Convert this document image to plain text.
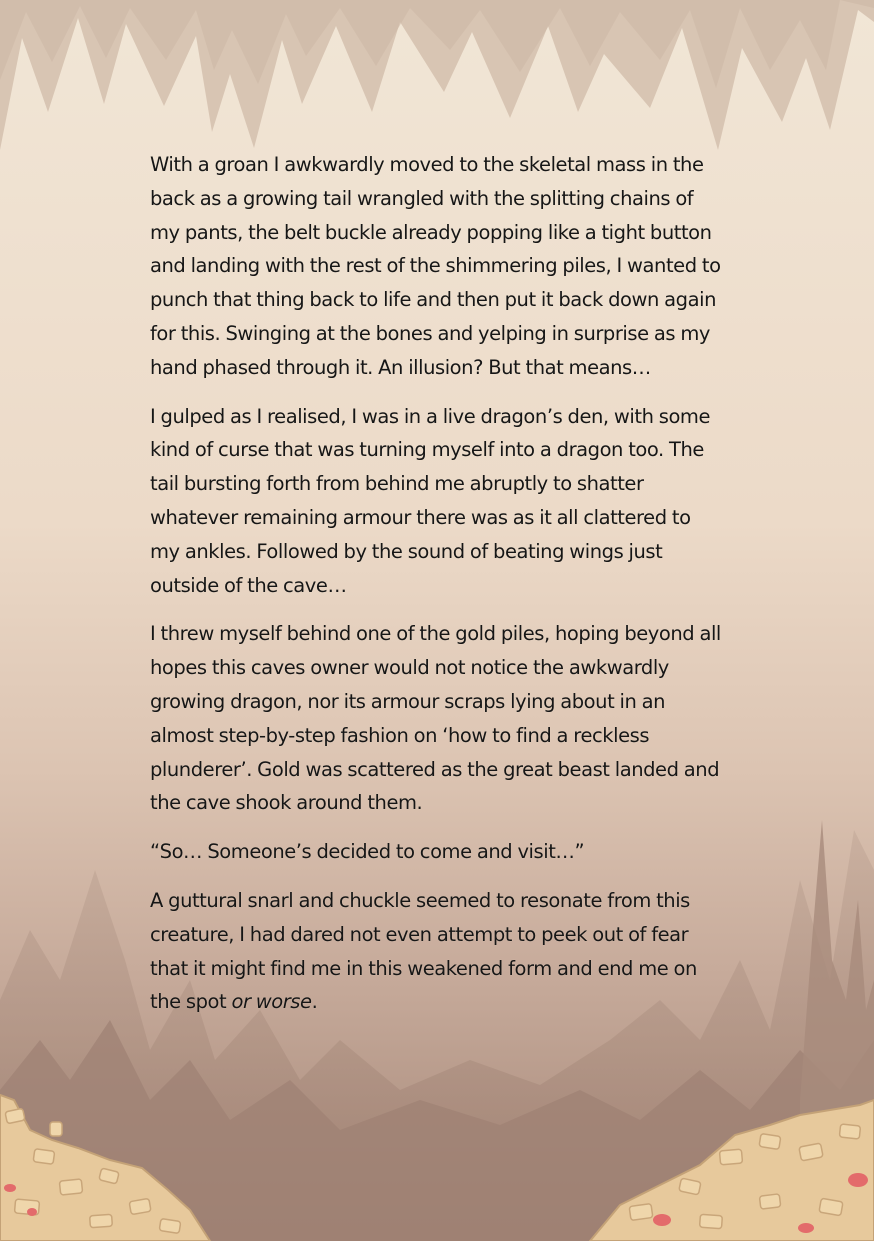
With a groan I awkwardly moved to the skeletal mass in the back as a growing tail wrangled with the splitting chains of my pants, the belt buckle already popping like a tight button and landing with the rest of the shimmering piles, I wanted to punch that thing back to life and then put it back down again for this. Swinging at the bones and yelping in surprise as my hand phased through it. An illusion? But that means…

I gulped as I realised, I was in a live dragon’s den, with some kind of curse that was turning myself into a dragon too. The tail bursting forth from behind me abruptly to shatter whatever remaining armour there was as it all clattered to my ankles. Followed by the sound of beating wings just outside of the cave…

I threw myself behind one of the gold piles, hoping beyond all hopes this caves owner would not notice the awkwardly growing dragon, nor its armour scraps lying about in an almost step-by-step fashion on ‘how to find a reckless plunderer’. Gold was scattered as the great beast landed and the cave shook around them.

“So… Someone’s decided to come and visit…”

A guttural snarl and chuckle seemed to resonate from this creature, I had dared not even attempt to peek out of fear that it might find me in this weakened form and end me on the spot or worse.
